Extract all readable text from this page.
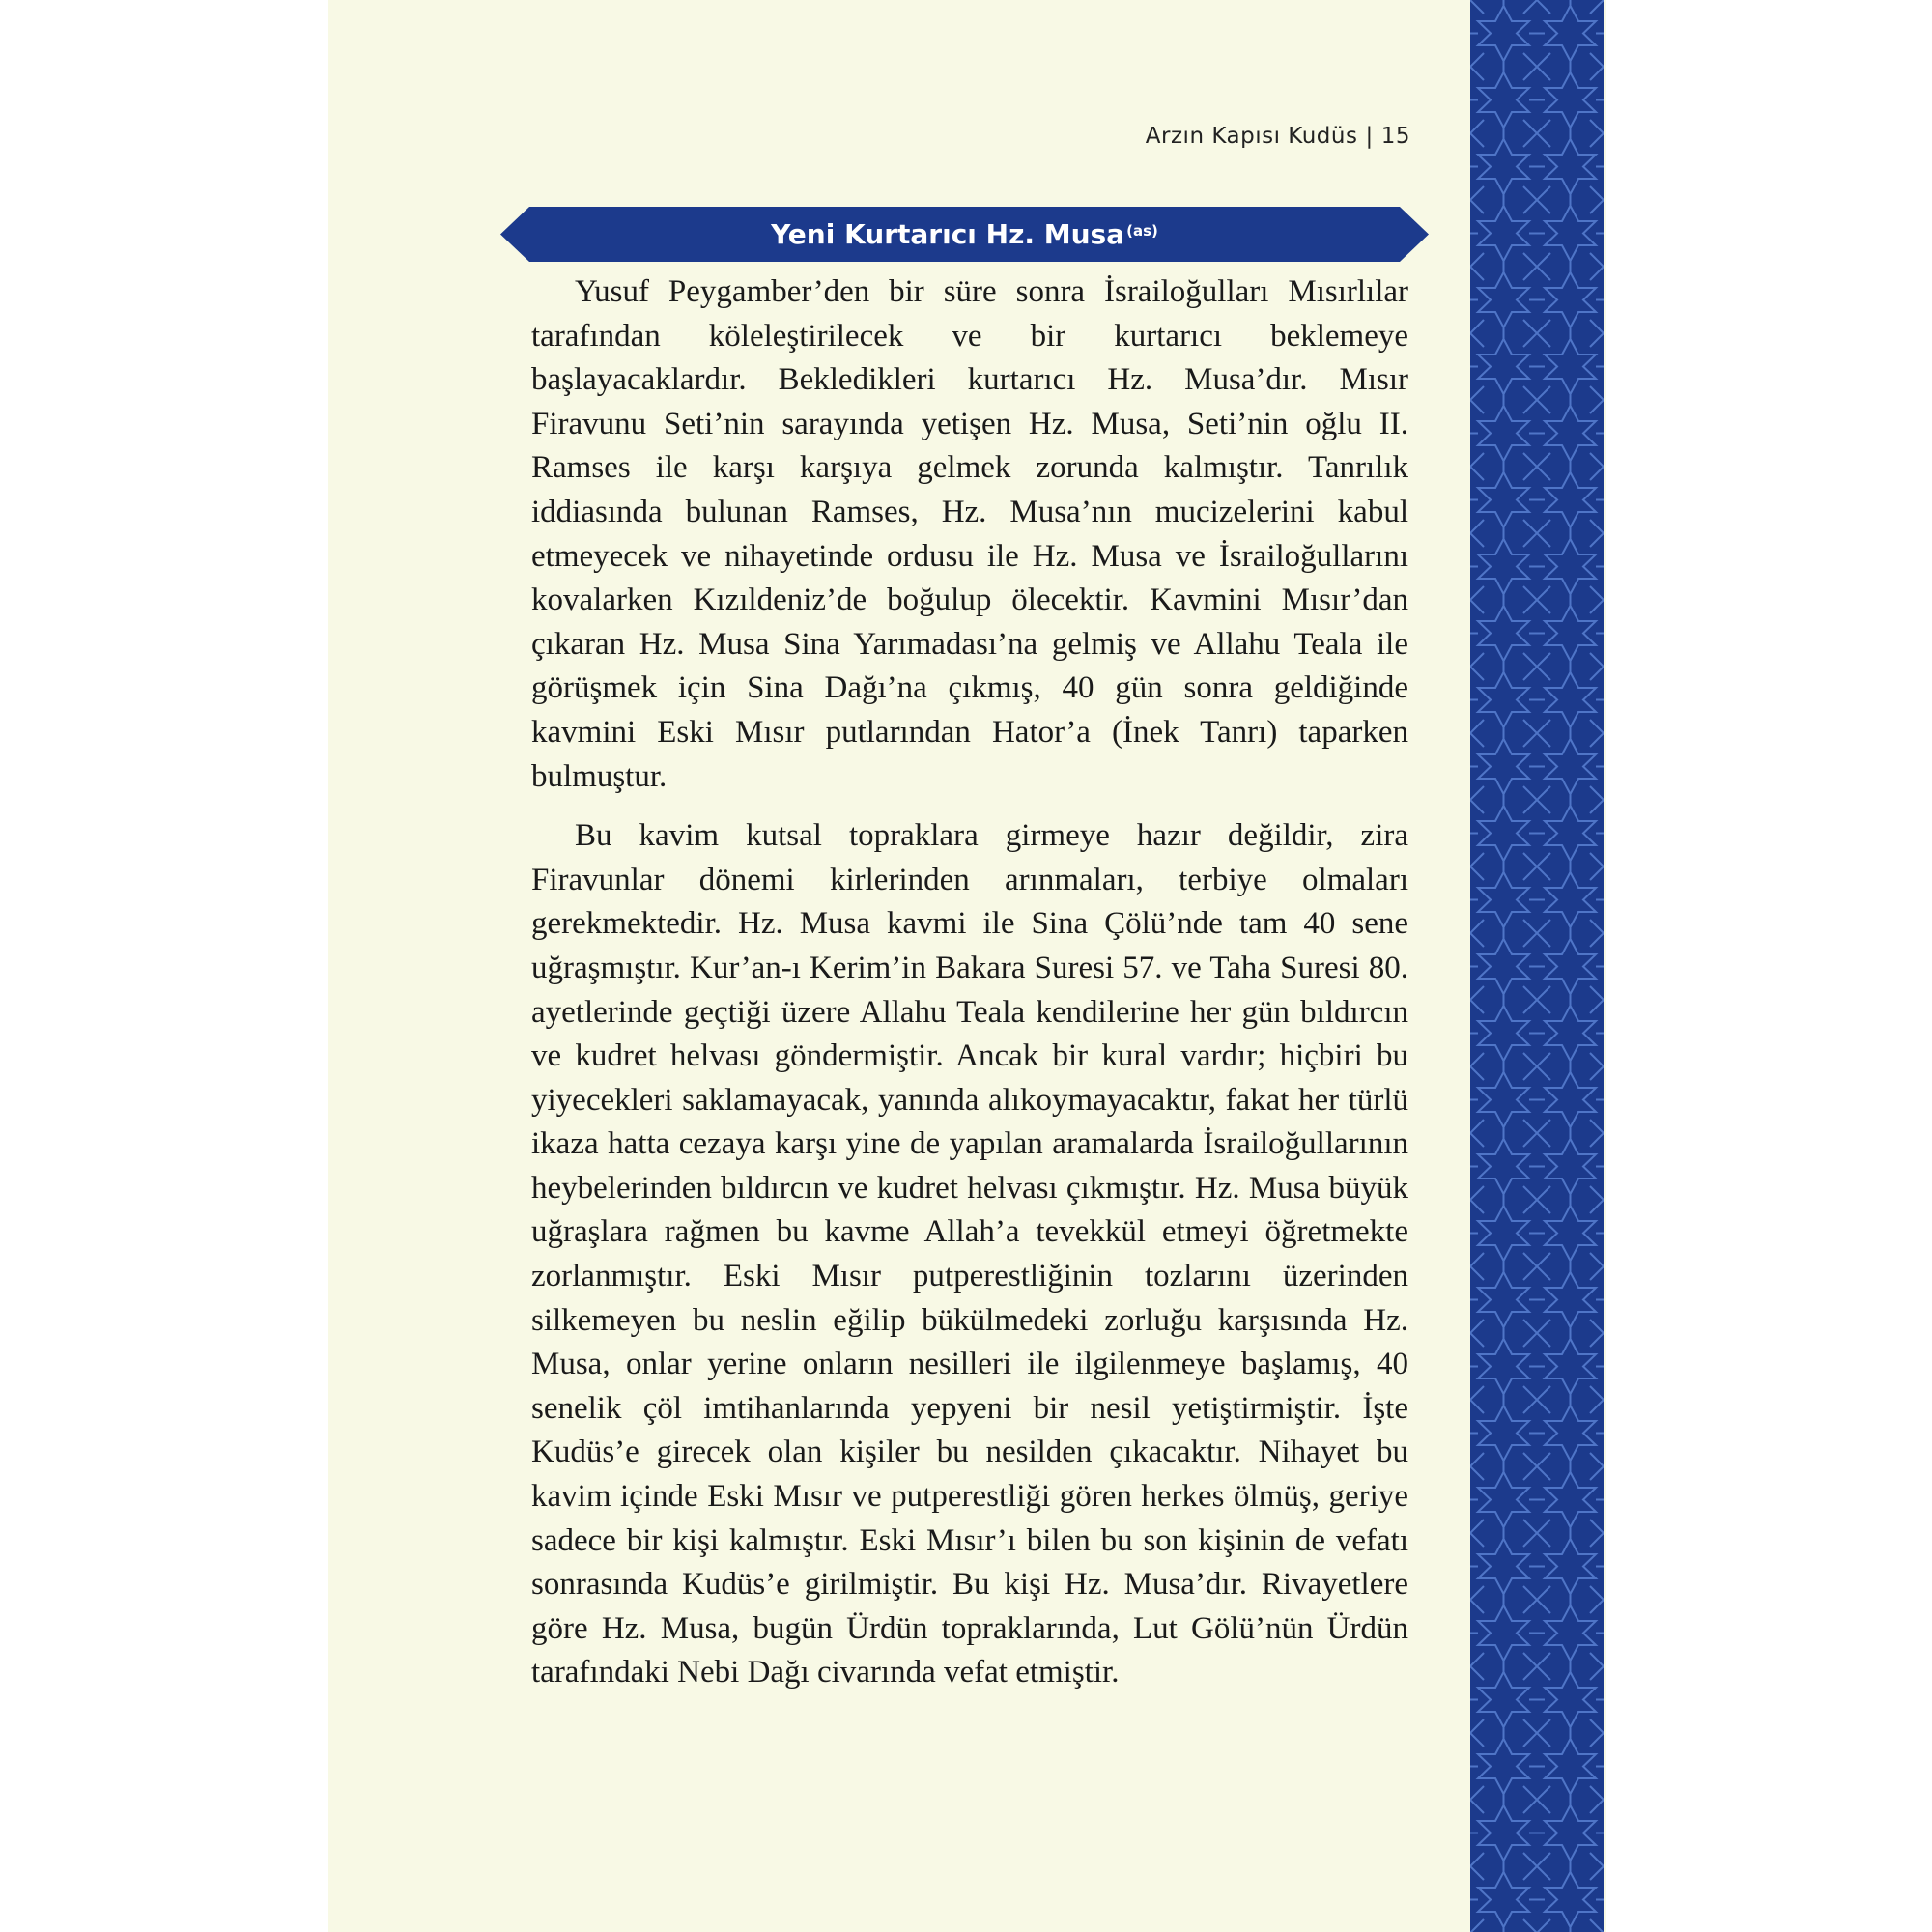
Arzın Kapısı Kudüs | 15
Yeni Kurtarıcı Hz. Musa$^{(as)}$

Yusuf Peygamber’den bir süre sonra İsrailoğulları Mısırlılar tarafından köleleştirilecek ve bir kurtarıcı beklemeye başlayacaklardır. Bekledikleri kurtarıcı Hz. Musa’dır. Mısır Firavunu Seti’nin sarayında yetişen Hz. Musa, Seti’nin oğlu II. Ramses ile karşı karşıya gelmek zorunda kalmıştır. Tanrılık iddiasında bulunan Ramses, Hz. Musa’nın mucizelerini kabul etmeyecek ve nihayetinde ordusu ile Hz. Musa ve İsrailoğullarını kovalarken Kızıldeniz’de boğulup ölecektir. Kavmini Mısır’dan çıkaran Hz. Musa Sina Yarımadası’na gelmiş ve Allahu Teala ile görüşmek için Sina Dağı’na çıkmış, 40 gün sonra geldiğinde kavmini Eski Mısır putlarından Hator’a (İnek Tanrı) taparken bulmuştur.

Bu kavim kutsal topraklara girmeye hazır değildir, zira Firavunlar dönemi kirlerinden arınmaları, terbiye olmaları gerekmektedir. Hz. Musa kavmi ile Sina Çölü’nde tam 40 sene uğraşmıştır. Kur’an-ı Kerim’in Bakara Suresi 57. ve Taha Suresi 80. ayetlerinde geçtiği üzere Allahu Teala kendilerine her gün bıldırcın ve kudret helvası göndermiştir. Ancak bir kural vardır; hiçbiri bu yiyecekleri saklamayacak, yanında alıkoymayacaktır, fakat her türlü ikaza hatta cezaya karşı yine de yapılan aramalarda İsrailoğullarının heybelerinden bıldırcın ve kudret helvası çıkmıştır. Hz. Musa büyük uğraşlara rağmen bu kavme Allah’a tevekkül etmeyi öğretmekte zorlanmıştır. Eski Mısır putperestliğinin tozlarını üzerinden silkemeyen bu neslin eğilip bükülmedeki zorluğu karşısında Hz. Musa, onlar yerine onların nesilleri ile ilgilenmeye başlamış, 40 senelik çöl imtihanlarında yepyeni bir nesil yetiştirmiştir. İşte Kudüs’e girecek olan kişiler bu nesilden çıkacaktır. Nihayet bu kavim içinde Eski Mısır ve putperestliği gören herkes ölmüş, geriye sadece bir kişi kalmıştır. Eski Mısır’ı bilen bu son kişinin de vefatı sonrasında Kudüs’e girilmiştir. Bu kişi Hz. Musa’dır. Rivayetlere göre Hz. Musa, bugün Ürdün topraklarında, Lut Gölü’nün Ürdün tarafındaki Nebi Dağı civarında vefat etmiştir.
